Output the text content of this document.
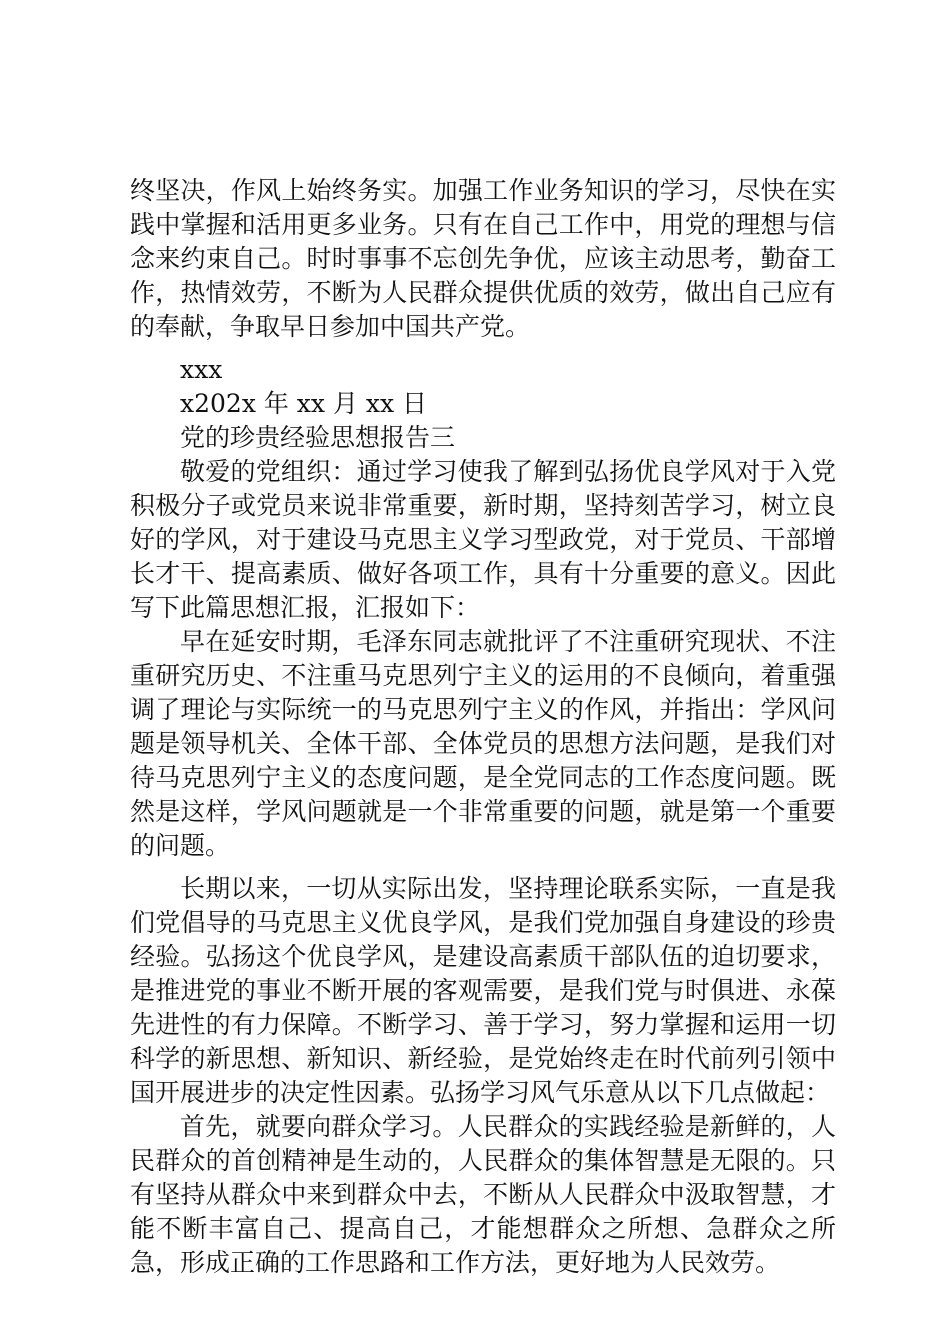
终坚决，作风上始终务实。加强工作业务知识的学习，尽快在实践中掌握和活用更多业务。只有在自己工作中，用党的理想与信念来约束自己。时时事事不忘创先争优，应该主动思考，勤奋工作，热情效劳，不断为人民群众提供优质的效劳，做出自己应有的奉献，争取早日参加中国共产党。

xxx

x202x 年 xx 月 xx 日

党的珍贵经验思想报告三

敬爱的党组织：通过学习使我了解到弘扬优良学风对于入党积极分子或党员来说非常重要，新时期，坚持刻苦学习，树立良好的学风，对于建设马克思主义学习型政党，对于党员、干部增长才干、提高素质、做好各项工作，具有十分重要的意义。因此写下此篇思想汇报，汇报如下：

早在延安时期，毛泽东同志就批评了不注重研究现状、不注重研究历史、不注重马克思列宁主义的运用的不良倾向，着重强调了理论与实际统一的马克思列宁主义的作风，并指出：学风问题是领导机关、全体干部、全体党员的思想方法问题，是我们对待马克思列宁主义的态度问题，是全党同志的工作态度问题。既然是这样，学风问题就是一个非常重要的问题，就是第一个重要的问题。

长期以来，一切从实际出发，坚持理论联系实际，一直是我们党倡导的马克思主义优良学风，是我们党加强自身建设的珍贵经验。弘扬这个优良学风，是建设高素质干部队伍的迫切要求，是推进党的事业不断开展的客观需要，是我们党与时俱进、永葆先进性的有力保障。不断学习、善于学习，努力掌握和运用一切科学的新思想、新知识、新经验，是党始终走在时代前列引领中国开展进步的决定性因素。弘扬学习风气乐意从以下几点做起：

首先，就要向群众学习。人民群众的实践经验是新鲜的，人民群众的首创精神是生动的，人民群众的集体智慧是无限的。只有坚持从群众中来到群众中去，不断从人民群众中汲取智慧，才能不断丰富自己、提高自己，才能想群众之所想、急群众之所急，形成正确的工作思路和工作方法，更好地为人民效劳。
